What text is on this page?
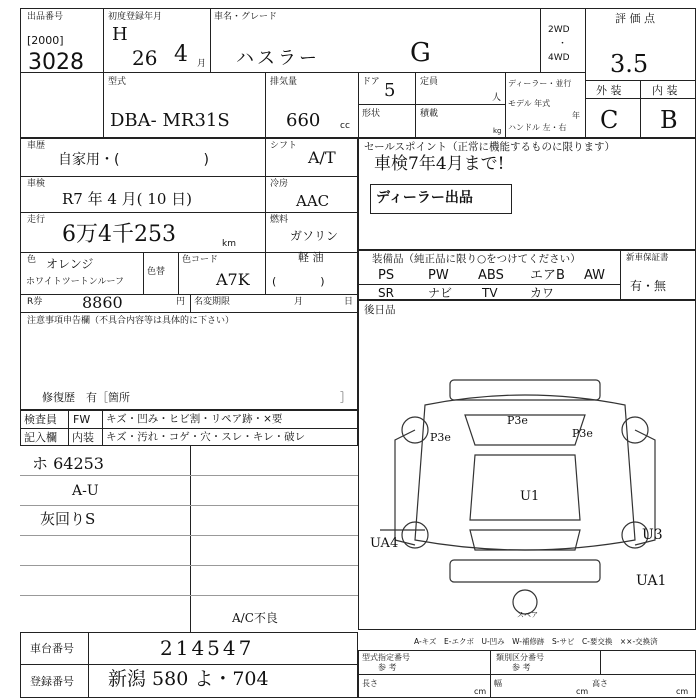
出品番号
[2000]
3028
初度登録年月
H
26 4 月
車名・グレード
ハスラー	G
2WD
・
4WD
評 価 点
3.5
型式
DBA- MR31S
排気量
660 cc
ドア 5	定員
人
形状	積載
kg
ディーラー・並行
モデル 年式
年
ハンドル 左・右
外 装	内 装
C B
車歴
自家用・(　　　　　　)
シフト
A/T
車検
R7 年 4 月( 10 日)
冷房
AAC
走行
6万4千253	km
燃料
ガソリン
軽 油
(　　　　)
色 オレンジ
ホワイトツートンルーフ
色替
色コード
A7K
R券 8860	円 名変期限	月	日
注意事項申告欄（不具合内容等は具体的に下さい）
修復歴　有［箇所	］
検査員 FW キズ・凹み・ヒビ割・リペア跡・×要
記入欄 内装 キズ・汚れ・コゲ・穴・スレ・キレ・破レ
ホ 64253
A-U
灰回りS
A/C不良
車台番号	214547
登録番号 新潟 580 よ・704
セールスポイント（正常に機能するものに限ります）
車検7年4月まで!
ディーラー出品
装備品（純正品に限り○をつけてください）	新車保証書
有・無
PS	PW ABS エアB AW
SR	ナビ TV	カワ
後日品
P3e
P3e
P3e
U1
UA4
U3
UA1
スペア
A-キズ　E-エクボ　U-凹み　W-補修跡　S-サビ　C-要交換　××-交換済
型式指定番号
参 考
類別区分番号
参 考
長さ
cm
幅
cm
高さ
cm
